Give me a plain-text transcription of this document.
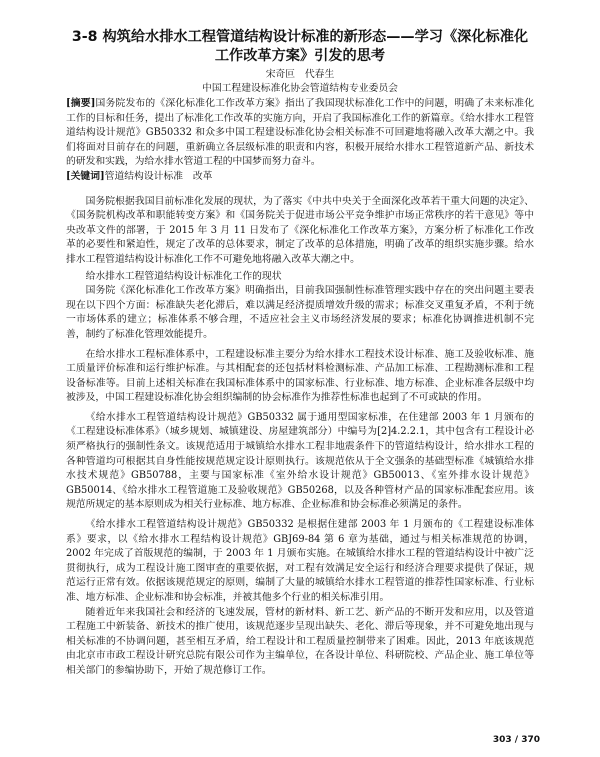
3-8 构筑给水排水工程管道结构设计标准的新形态——学习《深化标准化工作改革方案》引发的思考
宋奇叵　代春生
中国工程建设标准化协会管道结构专业委员会

[摘要]国务院发布的《深化标准化工作改革方案》指出了我国现状标准化工作中的问题，明确了未来标准化工作的目标和任务，提出了标准化工作改革的实施方向，开启了我国标准化工作的新篇章。《给水排水工程管道结构设计规范》GB50332 和众多中国工程建设标准化协会相关标准不可回避地将融入改革大潮之中。我们将面对目前存在的问题，重新确立各层级标准的职责和内容，积极开展给水排水工程管道新产品、新技术的研发和实践，为给水排水管道工程的中国梦而努力奋斗。

[关键词]管道结构设计标准　改革

国务院根据我国目前标准化发展的现状，为了落实《中共中央关于全面深化改革若干重大问题的决定》、《国务院机构改革和职能转变方案》和《国务院关于促进市场公平竞争维护市场正常秩序的若干意见》等中央改革文件的部署，于 2015 年 3 月 11 日发布了《深化标准化工作改革方案》，方案分析了标准化工作改革的必要性和紧迫性，规定了改革的总体要求，制定了改革的总体措施，明确了改革的组织实施步骤。给水排水工程管道结构设计标准化工作不可避免地将融入改革大潮之中。

给水排水工程管道结构设计标准化工作的现状

国务院《深化标准化工作改革方案》明确指出，目前我国强制性标准管理实践中存在的突出问题主要表现在以下四个方面：标准缺失老化滞后，难以满足经济提质增效升级的需求；标准交叉重复矛盾，不利于统一市场体系的建立；标准体系不够合理，不适应社会主义市场经济发展的要求；标准化协调推进机制不完善，制约了标准化管理效能提升。

在给水排水工程标准体系中，工程建设标准主要分为给水排水工程技术设计标准、施工及验收标准、施工质量评价标准和运行维护标准。与其相配套的还包括材料检测标准、产品加工标准、工程勘测标准和工程设备标准等。目前上述相关标准在我国标准体系中的国家标准、行业标准、地方标准、企业标准各层级中均被涉及，中国工程建设标准化协会组织编制的协会标准作为推荐性标准也起到了不可或缺的作用。

《给水排水工程管道结构设计规范》GB50332 属于通用型国家标准，在住建部 2003 年 1 月颁布的《工程建设标准体系》（城乡规划、城镇建设、房屋建筑部分）中编号为[2]4.2.2.1，其中包含有工程设计必须严格执行的强制性条文。该规范适用于城镇给水排水工程非地震条件下的管道结构设计，给水排水工程的各种管道均可根据其自身性能按规范规定设计原则执行。该规范依从于全文强条的基础型标准《城镇给水排水技术规范》GB50788，主要与国家标准《室外给水设计规范》GB50013、《室外排水设计规范》GB50014、《给水排水工程管道施工及验收规范》GB50268，以及各种管材产品的国家标准配套应用。该规范所规定的基本原则成为相关行业标准、地方标准、企业标准和协会标准必须满足的条件。

《给水排水工程管道结构设计规范》GB50332 是根据住建部 2003 年 1 月颁布的《工程建设标准体系》要求，以《给水排水工程结构设计规范》GBJ69-84 第 6 章为基础，通过与相关标准规范的协调，2002 年完成了首版规范的编制，于 2003 年 1 月颁布实施。在城镇给水排水工程的管道结构设计中被广泛贯彻执行，成为工程设计施工图审查的重要依据，对工程有效满足安全运行和经济合理要求提供了保证，规范运行正常有效。依据该规范规定的原则，编制了大量的城镇给水排水工程管道的推荐性国家标准、行业标准、地方标准、企业标准和协会标准，并被其他多个行业的相关标准引用。

随着近年来我国社会和经济的飞速发展，管材的新材料、新工艺、新产品的不断开发和应用，以及管道工程施工中新装备、新技术的推广使用，该规范逐步呈现出缺失、老化、滞后等现象，并不可避免地出现与相关标准的不协调问题，甚至相互矛盾，给工程设计和工程质量控制带来了困难。因此，2013 年底该规范由北京市市政工程设计研究总院有限公司作为主编单位，在各设计单位、科研院校、产品企业、施工单位等相关部门的参编协助下，开始了规范修订工作。

303 / 370
